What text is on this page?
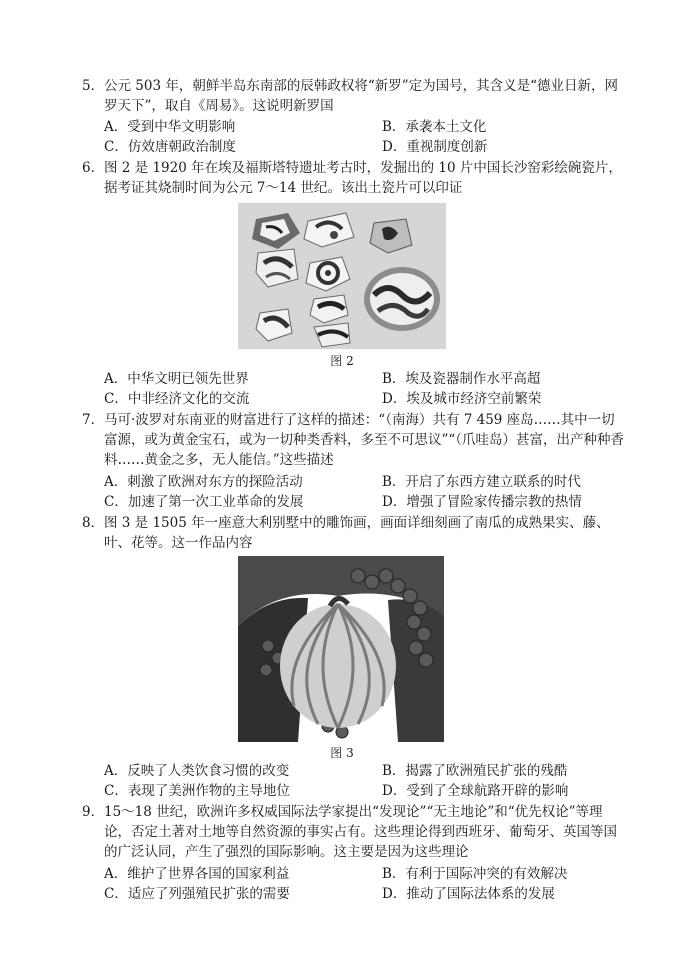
5． 公元 503 年，朝鲜半岛东南部的辰韩政权将“新罗”定为国号，其含义是“德业日新，网罗天下”，取自《周易》。这说明新罗国
A．受到中华文明影响	B．承袭本土文化
C．仿效唐朝政治制度	D．重视制度创新
6． 图 2 是 1920 年在埃及福斯塔特遗址考古时，发掘出的 10 片中国长沙窑彩绘碗瓷片，据考证其烧制时间为公元 7～14 世纪。该出土瓷片可以印证
图 2
A．中华文明已领先世界	B．埃及瓷器制作水平高超
C．中非经济文化的交流	D．埃及城市经济空前繁荣
7． 马可·波罗对东南亚的财富进行了这样的描述：“（南海）共有 7 459 座岛……其中一切富源，或为黄金宝石，或为一切种类香料，多至不可思议”“（爪哇岛）甚富，出产种种香料……黄金之多，无人能信。”这些描述
A．刺激了欧洲对东方的探险活动	B．开启了东西方建立联系的时代
C．加速了第一次工业革命的发展	D．增强了冒险家传播宗教的热情
8． 图 3 是 1505 年一座意大利别墅中的雕饰画，画面详细刻画了南瓜的成熟果实、藤、叶、花等。这一作品内容
图 3
A．反映了人类饮食习惯的改变	B．揭露了欧洲殖民扩张的残酷
C．表现了美洲作物的主导地位	D．受到了全球航路开辟的影响
9． 15～18 世纪，欧洲许多权威国际法学家提出“发现论”“无主地论”和“优先权论”等理论，否定土著对土地等自然资源的事实占有。这些理论得到西班牙、葡萄牙、英国等国的广泛认同，产生了强烈的国际影响。这主要是因为这些理论
A．维护了世界各国的国家利益	B．有利于国际冲突的有效解决
C．适应了列强殖民扩张的需要	D．推动了国际法体系的发展
